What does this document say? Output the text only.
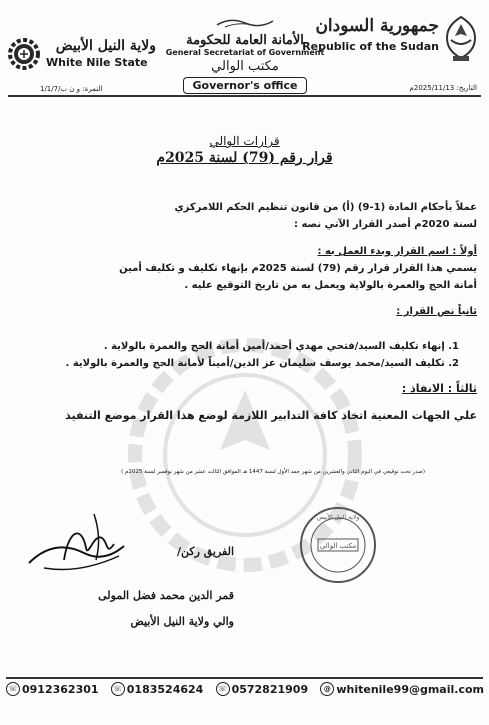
جمهورية السودان
Republic of the Sudan
الأمانة العامة للحكومة
General Secretariat of Government
مكتب الوالي
Governor's office
ولاية النيل الأبيض
White Nile State
النمرة: و ن ب/1/1/7	التاريخ: 2025/11/13م
قرارات الوالي
قرار رقم (79) لسنة 2025م
عملاً بأحكام المادة (1-9) (أ) من قانون تنظيم الحكم اللامركزي
لسنة 2020م أصدر القرار الآتي نصه :
أولاً : اسم القرار وبدء العمل به :
يسمي هذا القرار قرار رقم (79) لسنة 2025م بإنهاء تكليف و تكليف أمين
أمانة الحج والعمرة بالولاية ويعمل به من تاريخ التوقيع عليه .
ثانياً نص القرار :
1. إنهاء تكليف السيد/فتحي مهدي أحمد/أمين أمانة الحج والعمرة بالولاية .
2. تكليف السيد/محمد يوسف سليمان عز الدين/أميناً لأمانة الحج والعمرة بالولاية .
ثالثاً : الانفاذ :
علي الجهات المعنية اتخاذ كافة التدابير اللازمة لوضع هذا القرار موضع التنفيذ
(صدر تحت توقيعي في اليوم الثاني والعشرين من شهر جمد الأول لسنة 1447 هـ الموافق الثالث عشر من شهر نوفمبر لسنة 2025م )
ولاية النيل الأبيض
مكتب الوالي
الفريق ركن/
قمر الدين محمد فضل المولى
والي ولاية النيل الأبيض
☏ 0912362301	☏ 0183524624	☏ 0572821909	@ whitenile99@gmail.com
